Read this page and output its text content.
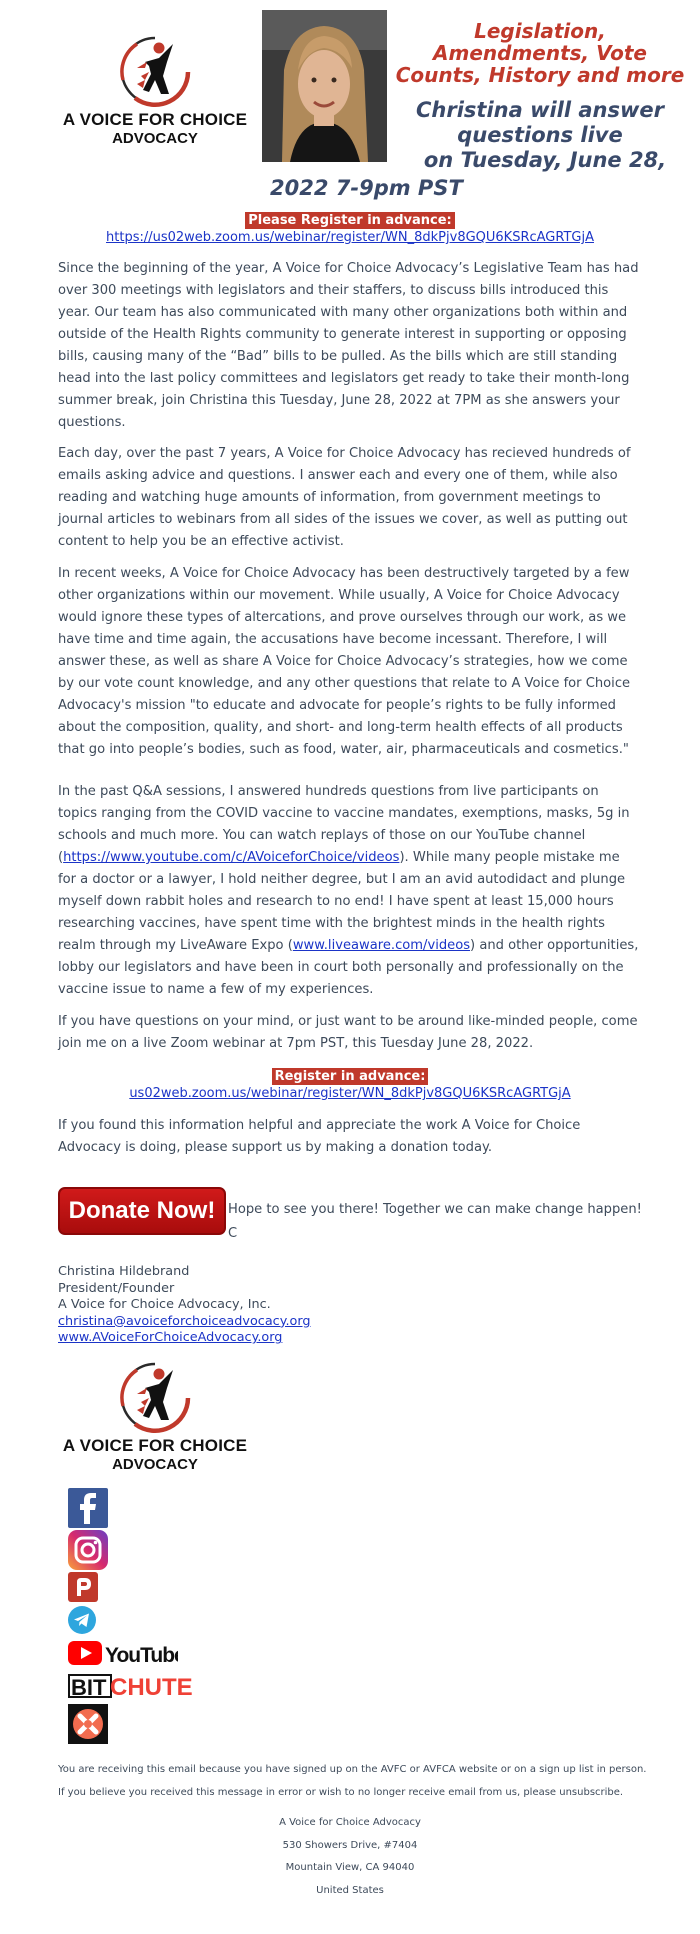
A VOICE FOR CHOICE
ADVOCACY
Legislation, Amendments, Vote Counts, History and more
Christina will answer
questions live

on Tuesday, June 28,
2022 7-9pm PST
Please Register in advance:
https://us02web.zoom.us/webinar/register/WN_8dkPjv8GQU6KSRcAGRTGjA

Since the beginning of the year, A Voice for Choice Advocacy’s Legislative Team has had over 300 meetings with legislators and their staffers, to discuss bills introduced this year. Our team has also communicated with many other organizations both within and outside of the Health Rights community to generate interest in supporting or opposing bills, causing many of the “Bad” bills to be pulled. As the bills which are still standing head into the last policy committees and legislators get ready to take their month-long summer break, join Christina this Tuesday, June 28, 2022 at 7PM as she answers your questions.

Each day, over the past 7 years, A Voice for Choice Advocacy has recieved hundreds of emails asking advice and questions. I answer each and every one of them, while also reading and watching huge amounts of information, from government meetings to journal articles to webinars from all sides of the issues we cover, as well as putting out content to help you be an effective activist.

In recent weeks, A Voice for Choice Advocacy has been destructively targeted by a few other organizations within our movement. While usually, A Voice for Choice Advocacy would ignore these types of altercations, and prove ourselves through our work, as we have time and time again, the accusations have become incessant. Therefore, I will answer these, as well as share A Voice for Choice Advocacy’s strategies, how we come by our vote count knowledge, and any other questions that relate to A Voice for Choice Advocacy's mission "to educate and advocate for people’s rights to be fully informed about the composition, quality, and short- and long-term health effects of all products that go into people’s bodies, such as food, water, air, pharmaceuticals and cosmetics."

In the past Q&A sessions, I answered hundreds questions from live participants on topics ranging from the COVID vaccine to vaccine mandates, exemptions, masks, 5g in schools and much more. You can watch replays of those on our YouTube channel (https://www.youtube.com/c/AVoiceforChoice/videos). While many people mistake me for a doctor or a lawyer, I hold neither degree, but I am an avid autodidact and plunge myself down rabbit holes and research to no end! I have spent at least 15,000 hours researching vaccines, have spent time with the brightest minds in the health rights realm through my LiveAware Expo (www.liveaware.com/videos) and other opportunities, lobby our legislators and have been in court both personally and professionally on the vaccine issue to name a few of my experiences.

If you have questions on your mind, or just want to be around like-minded people, come join me on a live Zoom webinar at 7pm PST, this Tuesday June 28, 2022.

Register in advance:
us02web.zoom.us/webinar/register/WN_8dkPjv8GQU6KSRcAGRTGjA

If you found this information helpful and appreciate the work A Voice for Choice Advocacy is doing, please support us by making a donation today.

Donate Now! Hope to see you there! Together we can make change happen!
C
Christina Hildebrand
President/Founder
A Voice for Choice Advocacy, Inc.
christina@avoiceforchoiceadvocacy.org
www.AVoiceForChoiceAdvocacy.org
A VOICE FOR CHOICE
ADVOCACY
YouTube
BIT CHUTE
You are receiving this email because you have signed up on the AVFC or AVFCA website or on a sign up list in person. If you believe you received this message in error or wish to no longer receive email from us, please unsubscribe.
A Voice for Choice Advocacy
530 Showers Drive, #7404
Mountain View, CA 94040
United States
